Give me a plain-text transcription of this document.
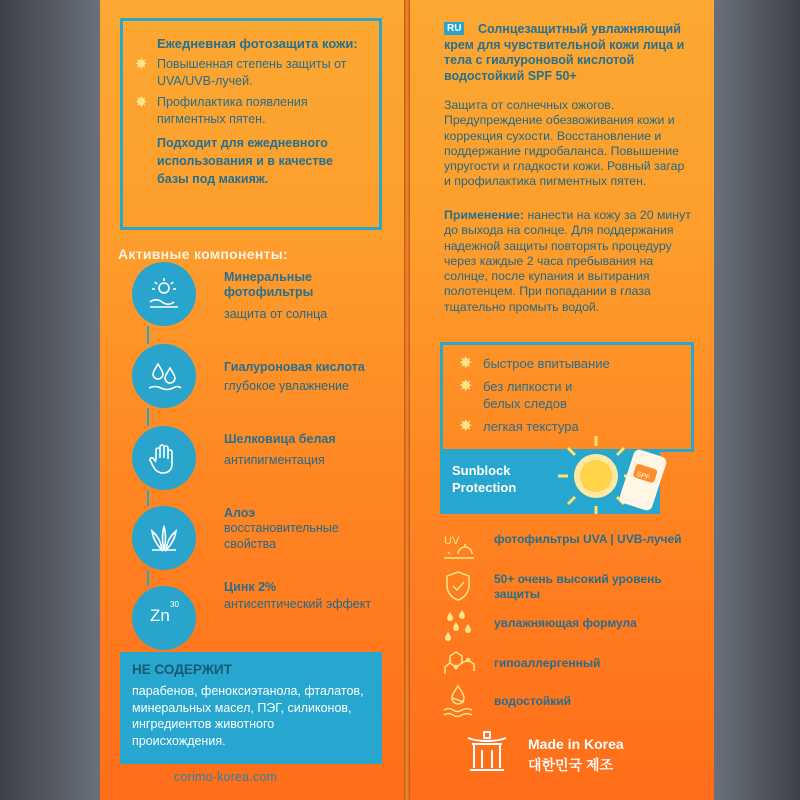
Ежедневная фотозащита кожи:
✸ Повышенная степень защиты от UVA/UVB-лучей.
✸ Профилактика появления пигментных пятен.
Подходит для ежедневного использования и в качестве базы под макияж.
Активные компоненты:
Минеральные фотофильтры
защита от солнца
Гиалуроновая кислота
глубокое увлажнение
Шелковица белая
антипигментация
Алоэ
восстановительные свойства
Zn
30
Цинк 2%
антисептический эффект
НЕ СОДЕРЖИТ
парабенов, феноксиэтанола, фталатов, минеральных масел, ПЭГ, силиконов, ингредиентов животного происхождения.
corimo-korea.com
Солнцезащитный увлажняющий крем для чувствительной кожи лица и тела с гиалуроновой кислотой водостойкий SPF 50+
RU
Защита от солнечных ожогов. Предупреждение обезвоживания кожи и коррекция сухости. Восстановление и поддержание гидробаланса. Повышение упругости и гладкости кожи. Ровный загар и профилактика пигментных пятен.
Применение: нанести на кожу за 20 минут до выхода на солнце. Для поддержания надежной защиты повторять процедуру через каждые 2 часа пребывания на солнце, после купания и вытирания полотенцем. При попадании в глаза тщательно промыть водой.
✸ быстрое впитывание
✸ без липкости и белых следов
✸ легкая текстура
Sunblock Protection
SPF
UV	фотофильтры UVA | UVB-лучей
50+ очень высокий уровень защиты
увлажняющая формула
гипоаллергенный
водостойкий
Made in Korea
대한민국 제조
